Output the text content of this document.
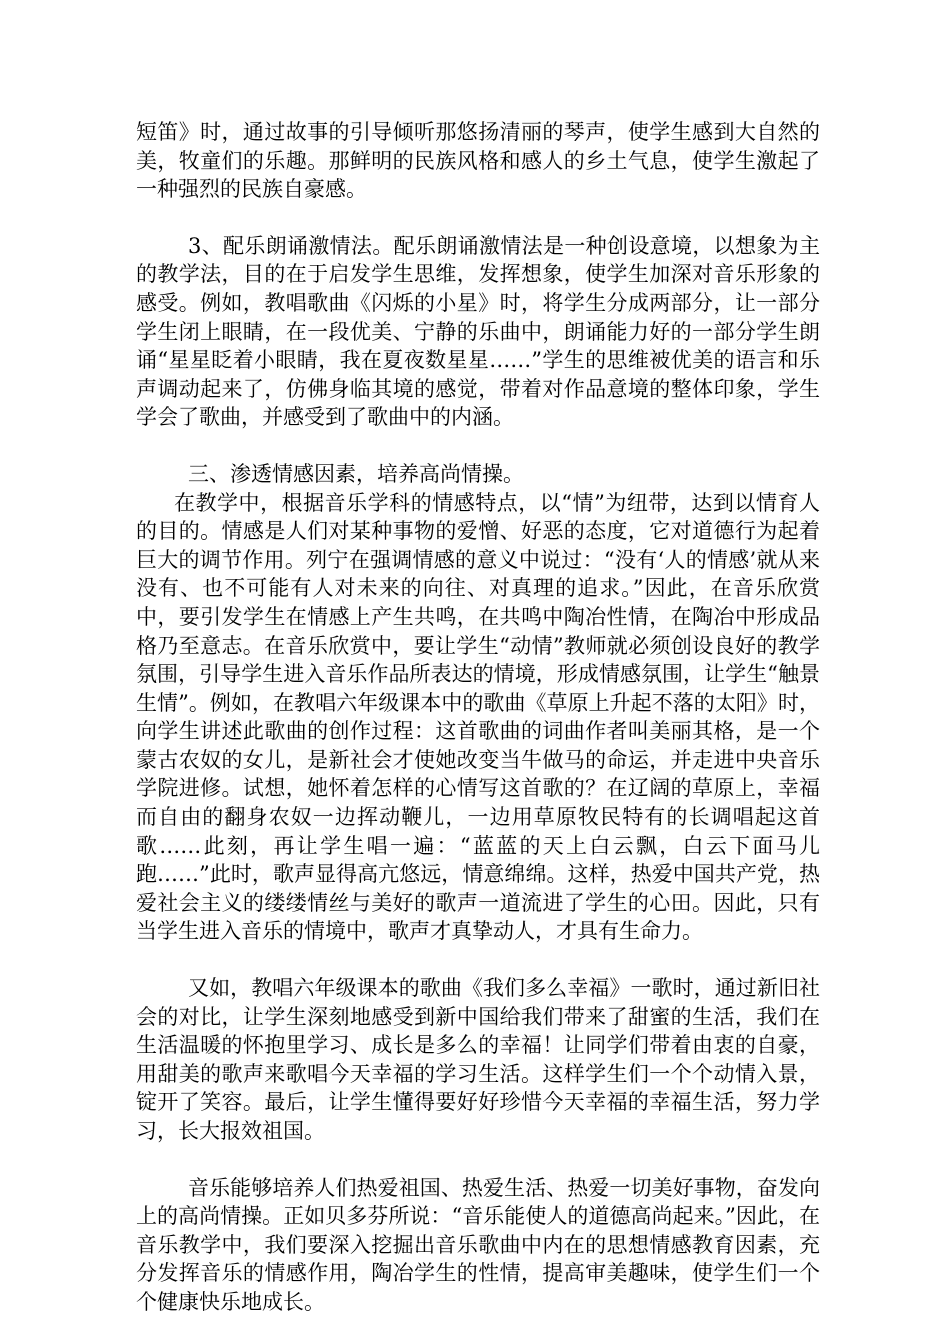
短笛》时，通过故事的引导倾听那悠扬清丽的琴声，使学生感到大自然的美，牧童们的乐趣。那鲜明的民族风格和感人的乡土气息，使学生激起了一种强烈的民族自豪感。

3、配乐朗诵激情法。配乐朗诵激情法是一种创设意境，以想象为主的教学法，目的在于启发学生思维，发挥想象，使学生加深对音乐形象的感受。例如，教唱歌曲《闪烁的小星》时，将学生分成两部分，让一部分学生闭上眼睛，在一段优美、宁静的乐曲中，朗诵能力好的一部分学生朗诵“星星眨着小眼睛，我在夏夜数星星……”学生的思维被优美的语言和乐声调动起来了，仿佛身临其境的感觉，带着对作品意境的整体印象，学生学会了歌曲，并感受到了歌曲中的内涵。

三、渗透情感因素，培养高尚情操。

在教学中，根据音乐学科的情感特点，以“情”为纽带，达到以情育人的目的。情感是人们对某种事物的爱憎、好恶的态度，它对道德行为起着巨大的调节作用。列宁在强调情感的意义中说过：“没有‘人的情感’就从来没有、也不可能有人对未来的向往、对真理的追求。”因此，在音乐欣赏中，要引发学生在情感上产生共鸣，在共鸣中陶冶性情，在陶冶中形成品格乃至意志。在音乐欣赏中，要让学生“动情”教师就必须创设良好的教学氛围，引导学生进入音乐作品所表达的情境，形成情感氛围，让学生“触景生情”。例如，在教唱六年级课本中的歌曲《草原上升起不落的太阳》时，向学生讲述此歌曲的创作过程：这首歌曲的词曲作者叫美丽其格，是一个蒙古农奴的女儿，是新社会才使她改变当牛做马的命运，并走进中央音乐学院进修。试想，她怀着怎样的心情写这首歌的？在辽阔的草原上，幸福而自由的翻身农奴一边挥动鞭儿，一边用草原牧民特有的长调唱起这首歌……此刻，再让学生唱一遍：“蓝蓝的天上白云飘，白云下面马儿跑……”此时，歌声显得高亢悠远，情意绵绵。这样，热爱中国共产党，热爱社会主义的缕缕情丝与美好的歌声一道流进了学生的心田。因此，只有当学生进入音乐的情境中，歌声才真挚动人，才具有生命力。

又如，教唱六年级课本的歌曲《我们多么幸福》一歌时，通过新旧社会的对比，让学生深刻地感受到新中国给我们带来了甜蜜的生活，我们在生活温暖的怀抱里学习、成长是多么的幸福！让同学们带着由衷的自豪，用甜美的歌声来歌唱今天幸福的学习生活。这样学生们一个个动情入景，锭开了笑容。最后，让学生懂得要好好珍惜今天幸福的幸福生活，努力学习，长大报效祖国。

音乐能够培养人们热爱祖国、热爱生活、热爱一切美好事物，奋发向上的高尚情操。正如贝多芬所说：“音乐能使人的道德高尚起来。”因此，在音乐教学中，我们要深入挖掘出音乐歌曲中内在的思想情感教育因素，充分发挥音乐的情感作用，陶冶学生的性情，提高审美趣味，使学生们一个个健康快乐地成长。
